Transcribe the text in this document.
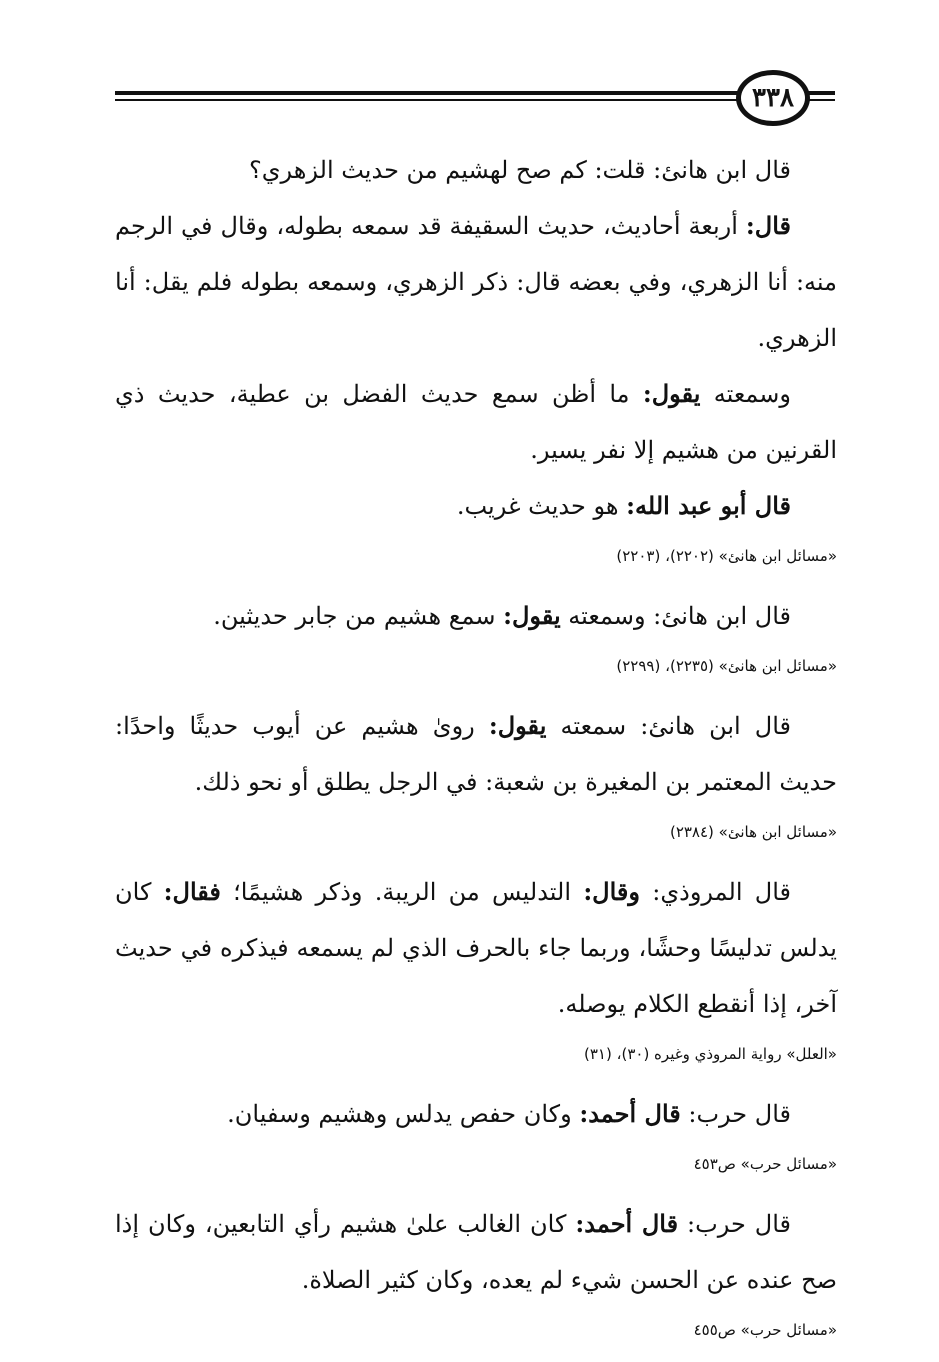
٣٣٨

قال ابن هانئ: قلت: كم صح لهشيم من حديث الزهري؟

قال: أربعة أحاديث، حديث السقيفة قد سمعه بطوله، وقال في الرجم منه: أنا الزهري، وفي بعضه قال: ذكر الزهري، وسمعه بطوله فلم يقل: أنا الزهري.

وسمعته يقول: ما أظن سمع حديث الفضل بن عطية، حديث ذي القرنين من هشيم إلا نفر يسير.

قال أبو عبد الله: هو حديث غريب.

«مسائل ابن هانئ» (٢٢٠٢)، (٢٢٠٣)

قال ابن هانئ: وسمعته يقول: سمع هشيم من جابر حديثين.

«مسائل ابن هانئ» (٢٢٣٥)، (٢٢٩٩)

قال ابن هانئ: سمعته يقول: روىٰ هشيم عن أيوب حديثًا واحدًا: حديث المعتمر بن المغيرة بن شعبة: في الرجل يطلق أو نحو ذلك.

«مسائل ابن هانئ» (٢٣٨٤)

قال المروذي: وقال: التدليس من الريبة. وذكر هشيمًا؛ فقال: كان يدلس تدليسًا وحشًا، وربما جاء بالحرف الذي لم يسمعه فيذكره في حديث آخر، إذا أنقطع الكلام يوصله.

«العلل» رواية المروذي وغيره (٣٠)، (٣١)

قال حرب: قال أحمد: وكان حفص يدلس وهشيم وسفيان.

«مسائل حرب» ص٤٥٣

قال حرب: قال أحمد: كان الغالب علىٰ هشيم رأي التابعين، وكان إذا صح عنده عن الحسن شيء لم يعده، وكان كثير الصلاة.

«مسائل حرب» ص٤٥٥
